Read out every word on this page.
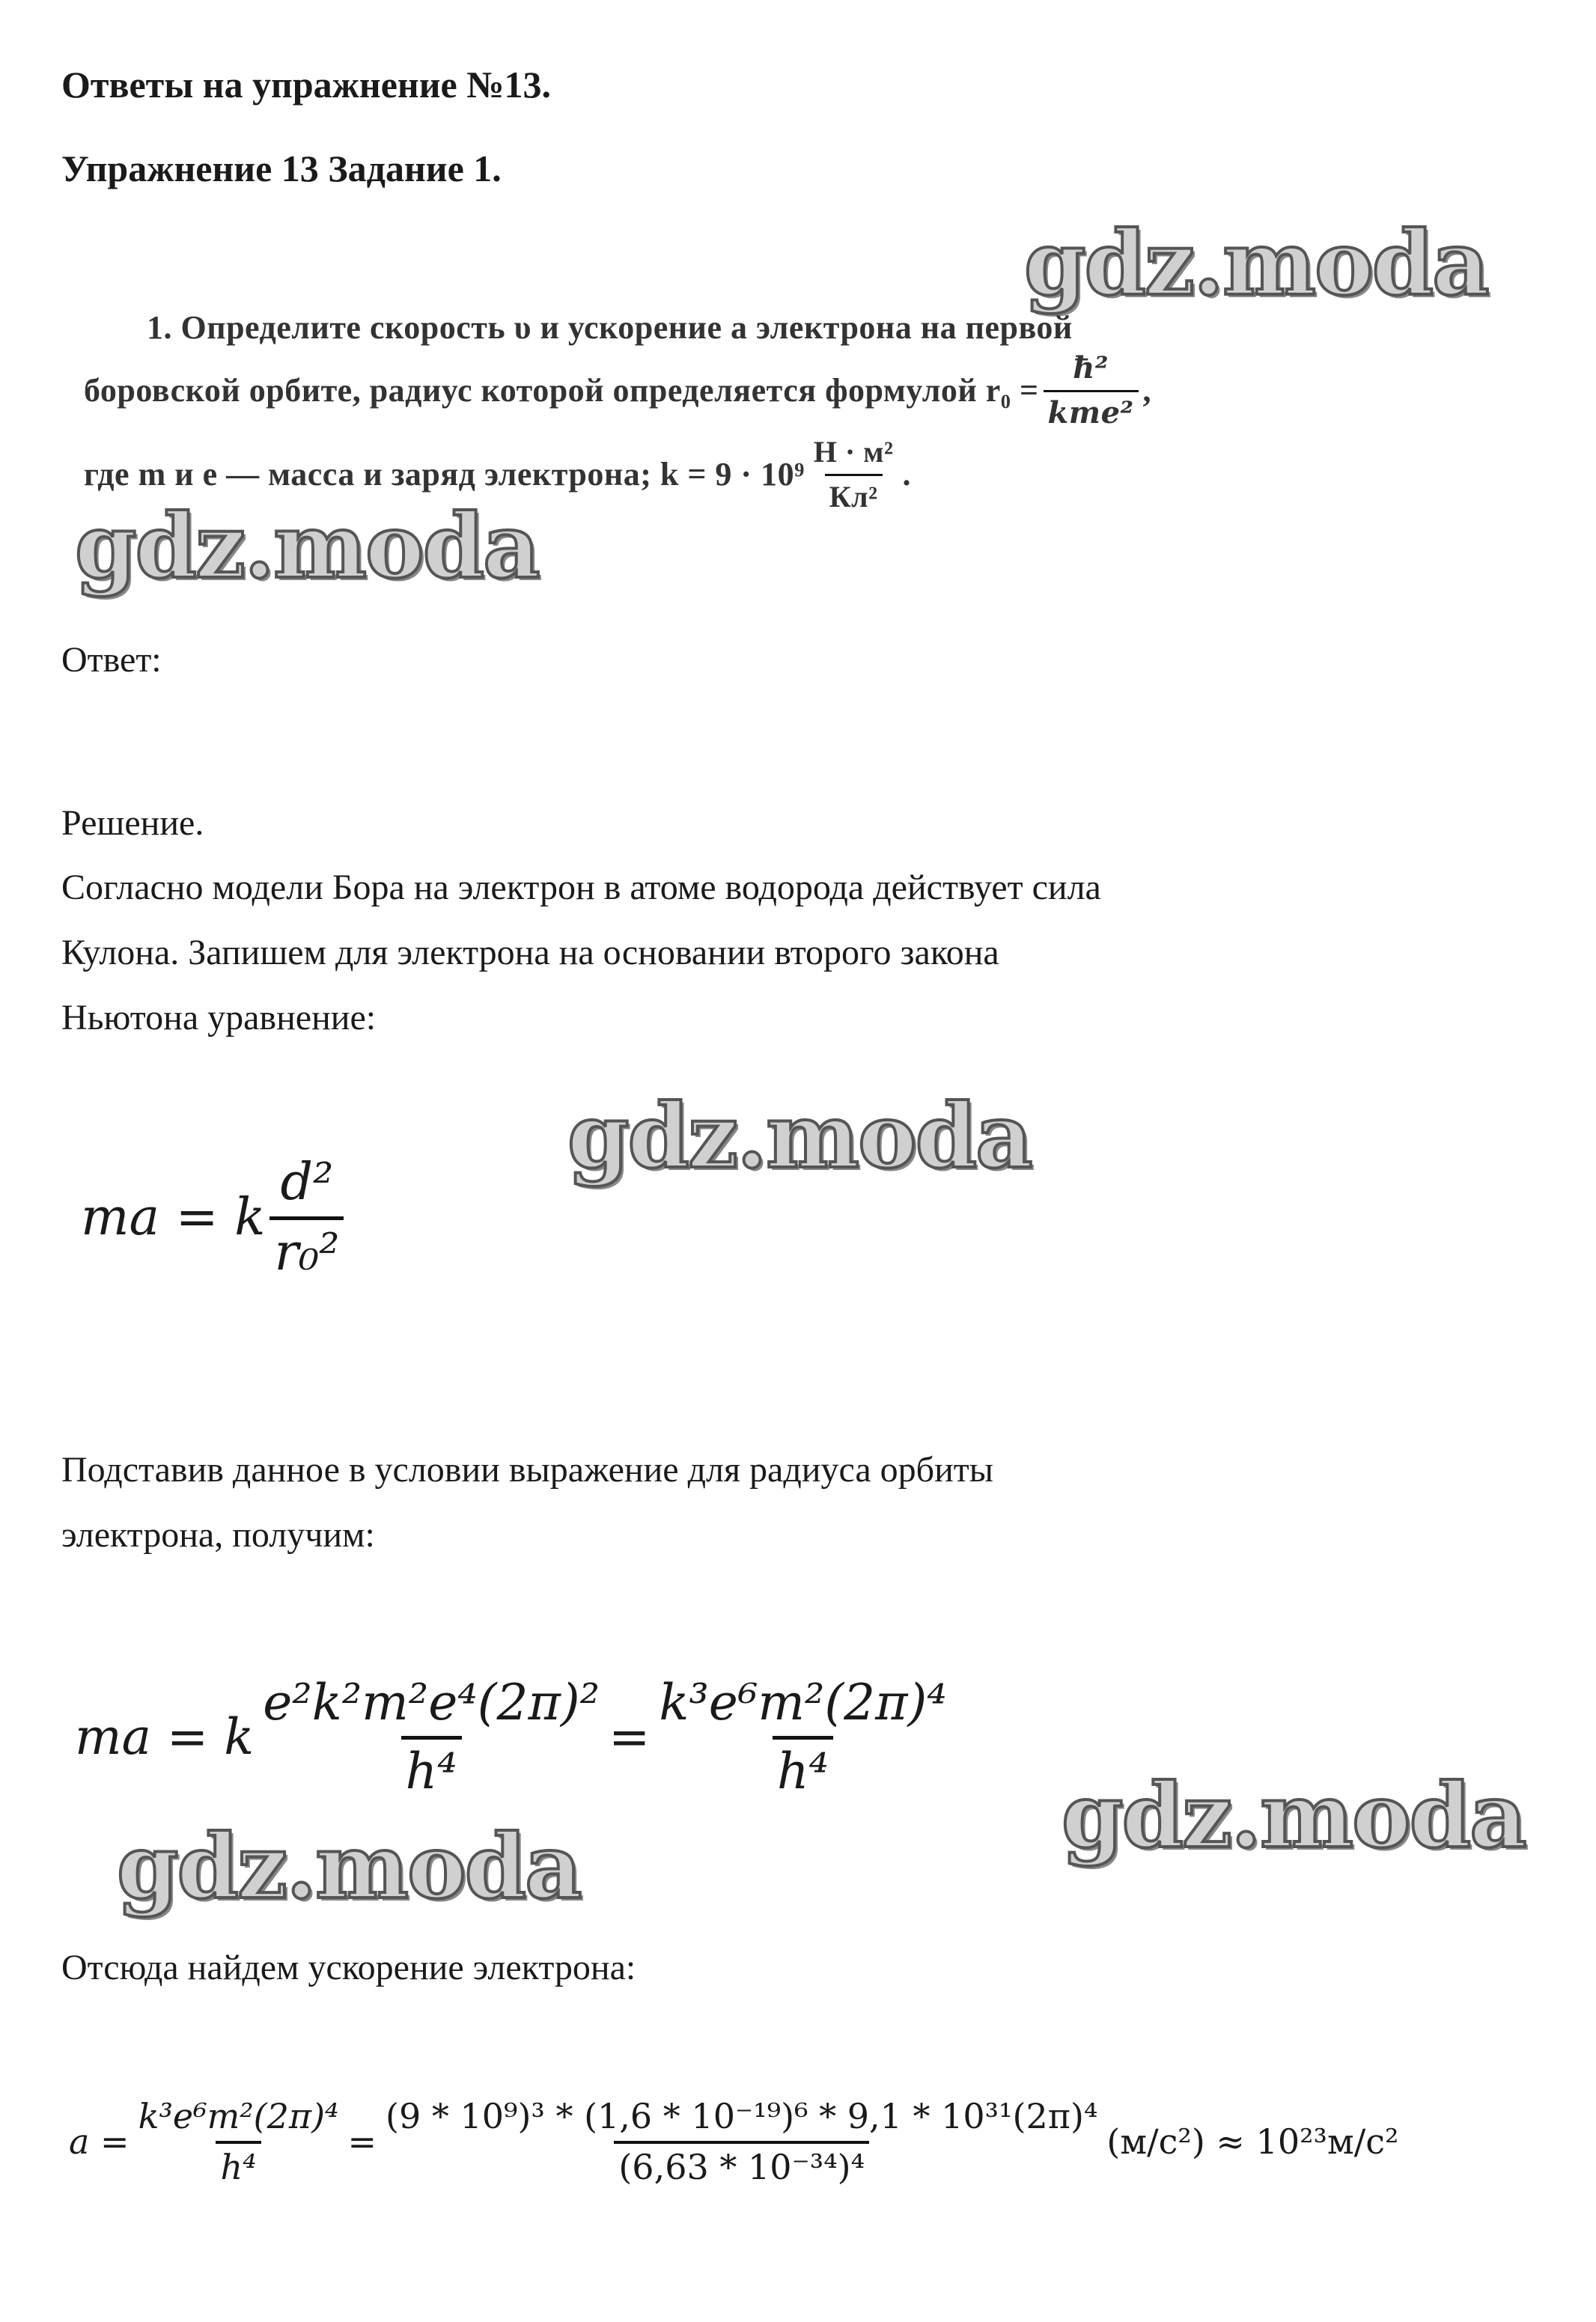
Ответы на упражнение №13.
Упражнение 13 Задание 1.
gdz.moda
1. Определите скорость υ и ускорение a электрона на первой
боровской орбите, радиус которой определяется формулой $r_0 = \frac{\text{ħ²}}{\text{kme²}}$ ,
где m и e — масса и заряд электрона; $k = 9 \cdot 10^9 \frac{\text{Н · м²}}{\text{Кл²}}$ .
gdz.moda
Ответ:
Решение.
Согласно модели Бора на электрон в атоме водорода действует сила
Кулона. Запишем для электрона на основании второго закона
Ньютона уравнение:
gdz.moda
ma = k $\frac{\text{d²}}{\text{r₀²}}$
Подставив данное в условии выражение для радиуса орбиты
электрона, получим:
ma = k $\frac{\text{e²k²m²e⁴(2π)²}}{\text{h⁴}} = \frac{\text{k³e⁶m²(2π)⁴}}{\text{h⁴}}$
gdz.moda
gdz.moda
Отсюда найдем ускорение электрона:
$a = \frac{\text{k³e⁶m²(2π)⁴}}{\text{h⁴}} = \frac{\text{(9 * 10⁹)³ * (1,6 * 10⁻¹⁹)⁶ * 9,1 * 10³¹(2π)⁴}}{\text{(6,63 * 10⁻³⁴)⁴}} (м/с^2) \approx 10^{23}м/с^2$
